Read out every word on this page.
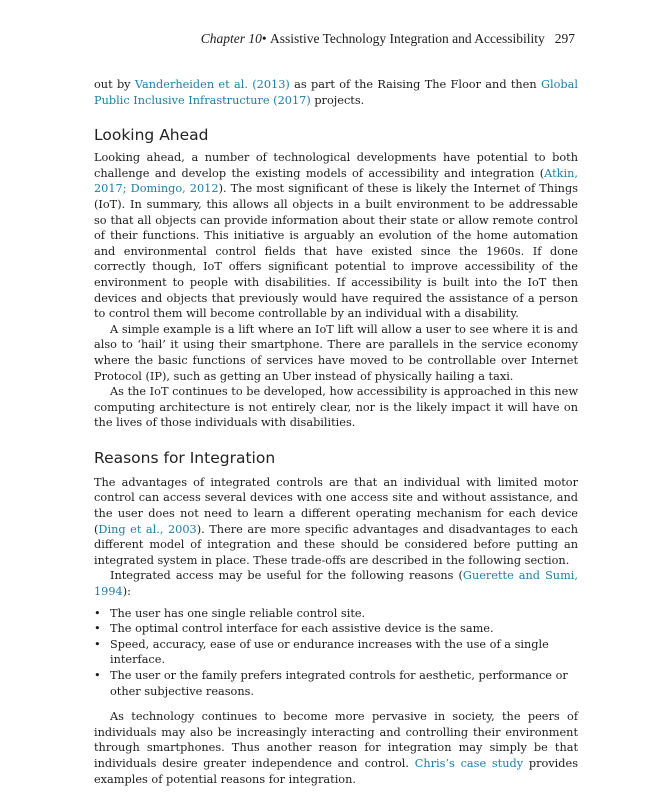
Chapter 10• Assistive Technology Integration and Accessibility 297

out by Vanderheiden et al. (2013) as part of the Raising The Floor and then Global Public Inclusive Infrastructure (2017) projects.

Looking Ahead

Looking ahead, a number of technological developments have potential to both challenge and develop the existing models of accessibility and integration (Atkin, 2017; Domingo, 2012). The most significant of these is likely the Internet of Things (IoT). In summary, this allows all objects in a built environment to be addressable so that all objects can provide information about their state or allow remote control of their functions. This initiative is arguably an evolution of the home automation and environmental control fields that have existed since the 1960s. If done correctly though, IoT offers significant potential to improve accessibility of the environment to people with disabilities. If accessibility is built into the IoT then devices and objects that previously would have required the assistance of a person to control them will become controllable by an individual with a disability.

A simple example is a lift where an IoT lift will allow a user to see where it is and also to ‘hail’ it using their smartphone. There are parallels in the service economy where the basic functions of services have moved to be controllable over Internet Protocol (IP), such as getting an Uber instead of physically hailing a taxi.

As the IoT continues to be developed, how accessibility is approached in this new computing architecture is not entirely clear, nor is the likely impact it will have on the lives of those individuals with disabilities.

Reasons for Integration

The advantages of integrated controls are that an individual with limited motor control can access several devices with one access site and without assistance, and the user does not need to learn a different operating mechanism for each device (Ding et al., 2003). There are more specific advantages and disadvantages to each different model of integration and these should be considered before putting an integrated system in place. These trade-offs are described in the following section.

Integrated access may be useful for the following reasons (Guerette and Sumi, 1994):

• The user has one single reliable control site.
• The optimal control interface for each assistive device is the same.
• Speed, accuracy, ease of use or endurance increases with the use of a single interface.
• The user or the family prefers integrated controls for aesthetic, performance or other subjective reasons.

As technology continues to become more pervasive in society, the peers of individuals may also be increasingly interacting and controlling their environment through smartphones. Thus another reason for integration may simply be that individuals desire greater independence and control. Chris’s case study provides examples of potential reasons for integration.
